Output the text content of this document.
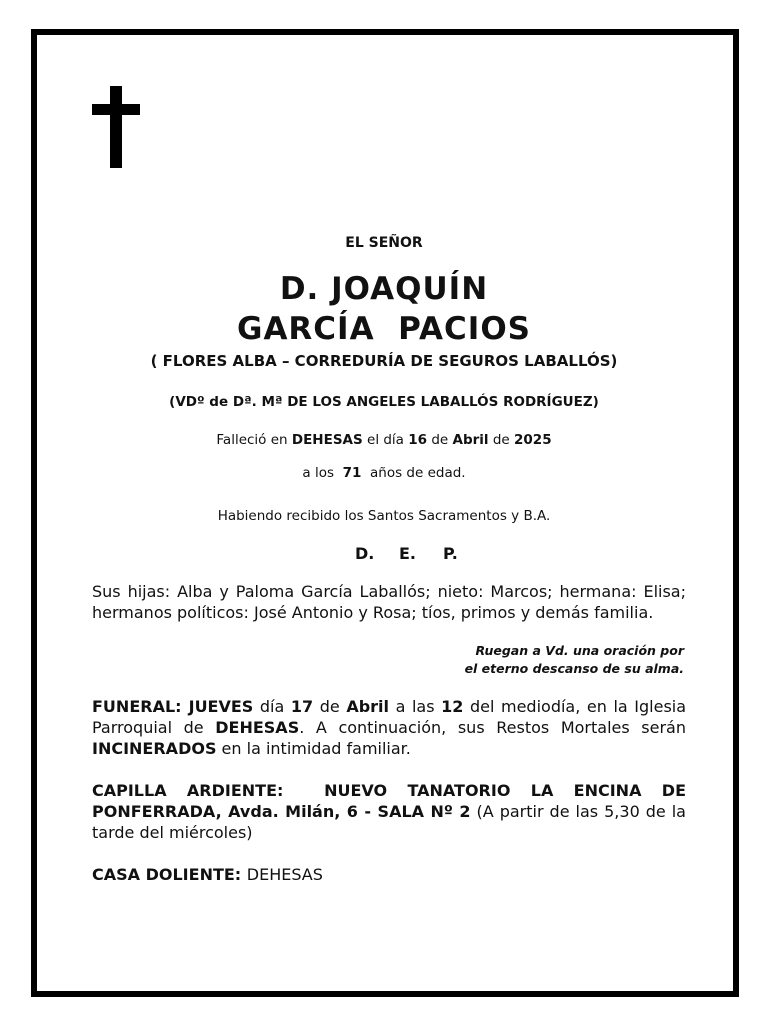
EL SEÑOR
D. JOAQUÍN
GARCÍA  PACIOS
( FLORES ALBA – CORREDURÍA DE SEGUROS LABALLÓS)
(VDº de Dª. Mª DE LOS ANGELES LABALLÓS RODRÍGUEZ)
Falleció en DEHESAS el día 16 de Abril de 2025
a los  71  años de edad.
Habiendo recibido los Santos Sacramentos y B.A.
D. E. P.
Sus hijas: Alba y Paloma García Laballós; nieto: Marcos; hermana: Elisa; hermanos políticos: José Antonio y Rosa; tíos, primos y demás familia.
Ruegan a Vd. una oración por
el eterno descanso de su alma.
FUNERAL: JUEVES día 17 de Abril a las 12 del mediodía, en la Iglesia Parroquial de DEHESAS. A continuación, sus Restos Mortales serán INCINERADOS en la intimidad familiar.
CAPILLA ARDIENTE:  NUEVO TANATORIO LA ENCINA DE PONFERRADA, Avda. Milán, 6 - SALA Nº 2 (A partir de las 5,30 de la tarde del miércoles)
CASA DOLIENTE: DEHESAS
